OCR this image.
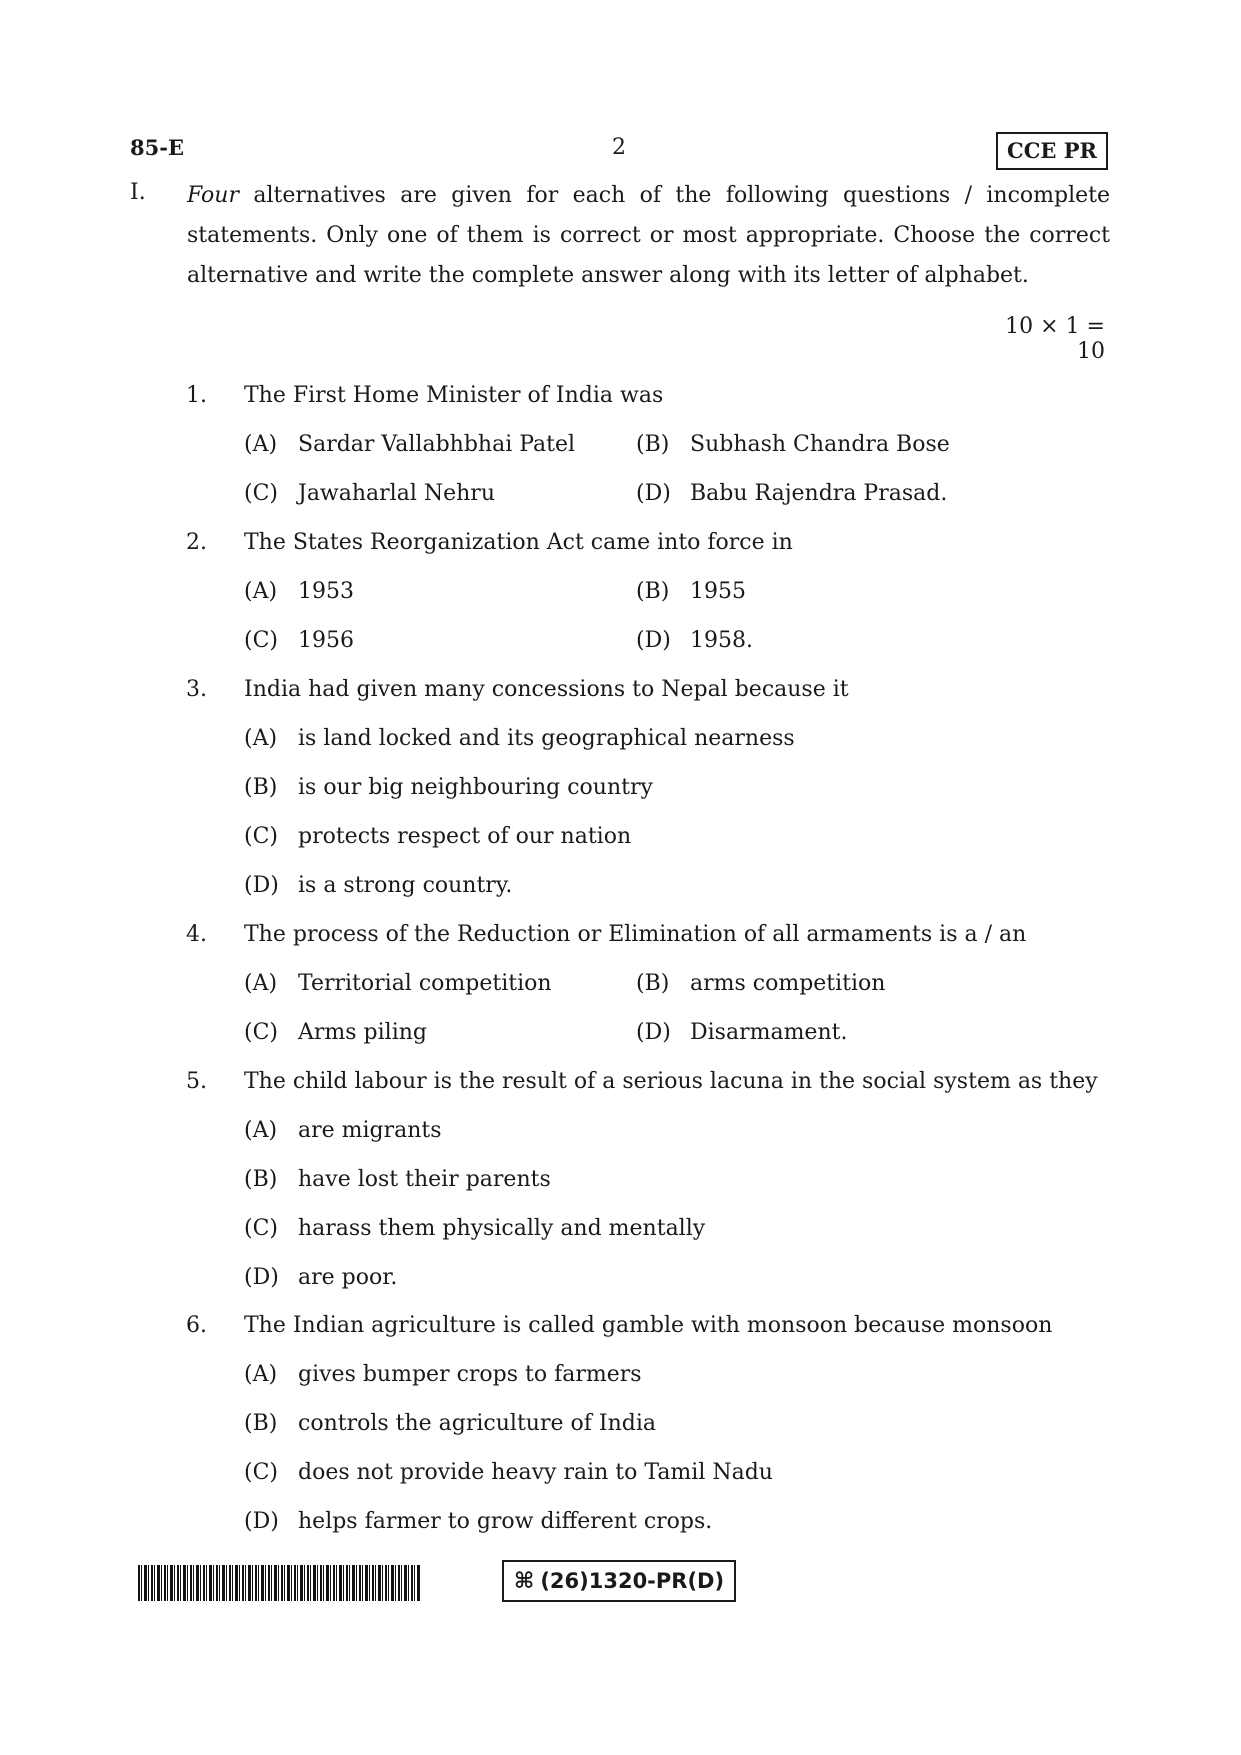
85-E	2	CCE PR
I. Four alternatives are given for each of the following questions / incomplete statements. Only one of them is correct or most appropriate. Choose the correct alternative and write the complete answer along with its letter of alphabet.
10 × 1 = 10
1. The First Home Minister of India was
(A) Sardar Vallabhbhai Patel	(B) Subhash Chandra Bose
(C) Jawaharlal Nehru	(D) Babu Rajendra Prasad.
2. The States Reorganization Act came into force in
(A) 1953	(B) 1955
(C) 1956	(D) 1958.
3. India had given many concessions to Nepal because it
(A) is land locked and its geographical nearness
(B) is our big neighbouring country
(C) protects respect of our nation
(D) is a strong country.
4. The process of the Reduction or Elimination of all armaments is a / an
(A) Territorial competition	(B) arms competition
(C) Arms piling	(D) Disarmament.
5. The child labour is the result of a serious lacuna in the social system as they
(A) are migrants
(B) have lost their parents
(C) harass them physically and mentally
(D) are poor.
6. The Indian agriculture is called gamble with monsoon because monsoon
(A) gives bumper crops to farmers
(B) controls the agriculture of India
(C) does not provide heavy rain to Tamil Nadu
(D) helps farmer to grow different crops.
⌘ (26)1320-PR(D)
